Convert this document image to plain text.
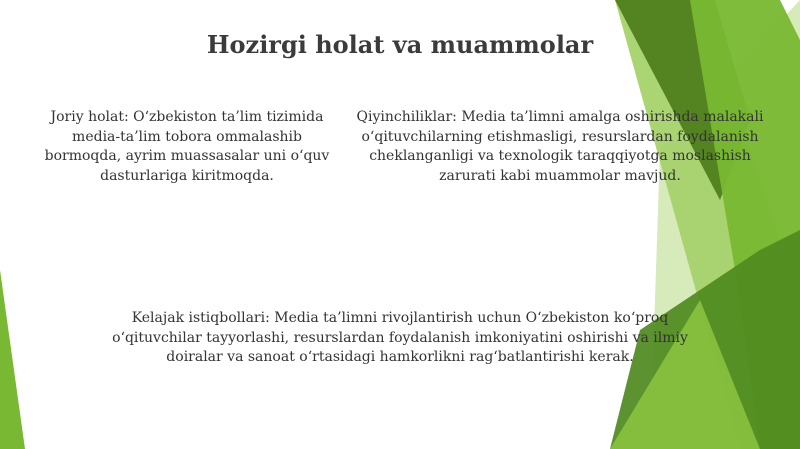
Hozirgi holat va muammolar

Joriy holat: O‘zbekiston ta’lim tizimida media-ta’lim tobora ommalashib bormoqda, ayrim muassasalar uni o‘quv dasturlariga kiritmoqda.

Qiyinchiliklar: Media ta’limni amalga oshirishda malakali o‘qituvchilarning etishmasligi, resurslardan foydalanish cheklanganligi va texnologik taraqqiyotga moslashish zarurati kabi muammolar mavjud.

Kelajak istiqbollari: Media ta’limni rivojlantirish uchun O‘zbekiston ko‘proq o‘qituvchilar tayyorlashi, resurslardan foydalanish imkoniyatini oshirishi va ilmiy doiralar va sanoat o‘rtasidagi hamkorlikni rag‘batlantirishi kerak.
